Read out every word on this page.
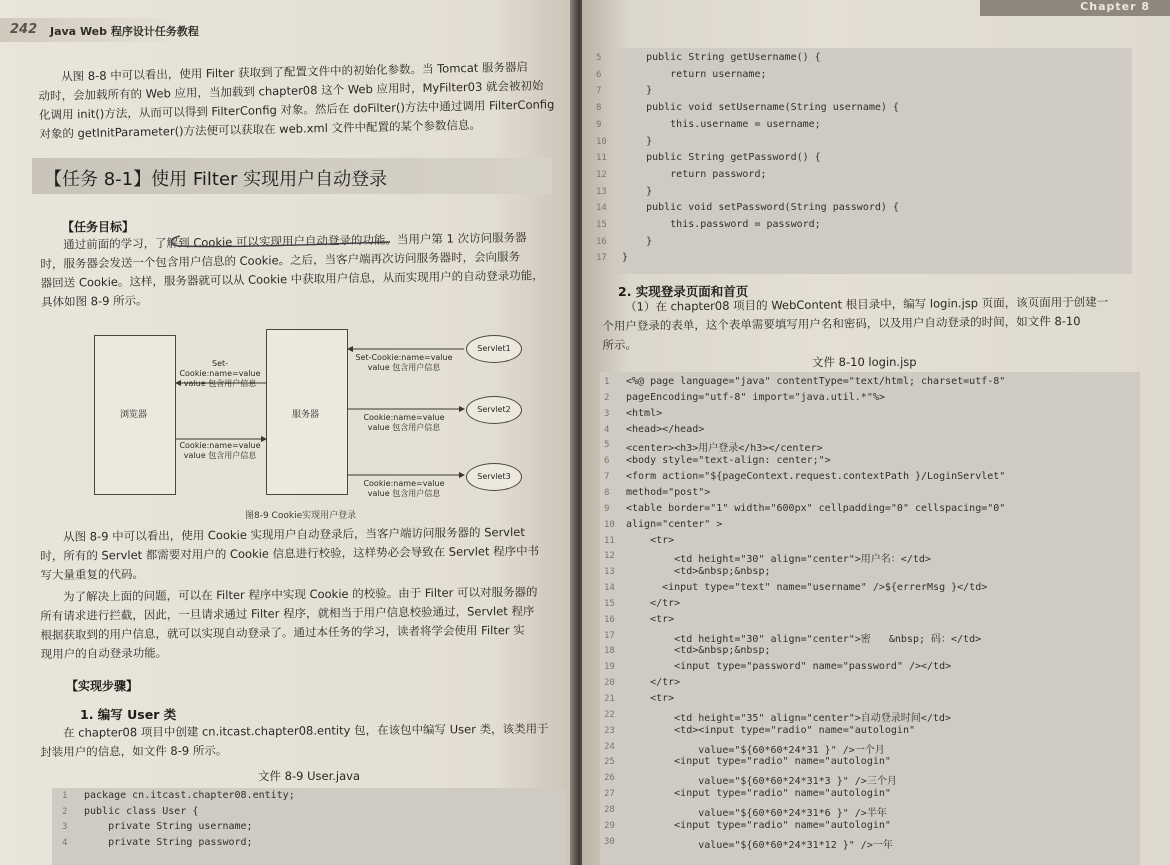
242 Java Web 程序设计任务教程
从图 8-8 中可以看出，使用 Filter 获取到了配置文件中的初始化参数。当 Tomcat 服务器启
动时，会加载所有的 Web 应用，当加载到 chapter08 这个 Web 应用时，MyFilter03 就会被初始
化调用 init()方法，从而可以得到 FilterConfig 对象。然后在 doFilter()方法中通过调用 FilterConfig
对象的 getInitParameter()方法便可以获取在 web.xml 文件中配置的某个参数信息。
【任务 8-1】使用 Filter 实现用户自动登录
【任务目标】
通过前面的学习，了解到 Cookie 可以实现用户自动登录的功能。当用户第 1 次访问服务器
时，服务器会发送一个包含用户信息的 Cookie。之后，当客户端再次访问服务器时，会向服务
器回送 Cookie。这样，服务器就可以从 Cookie 中获取用户信息，从而实现用户的自动登录功能，
具体如图 8-9 所示。
浏览器	服务器
Set-Cookie:name=value
value 包含用户信息
Cookie:name=value
value 包含用户信息
Set-Cookie:name=value
value 包含用户信息
Cookie:name=value
value 包含用户信息
Cookie:name=value
value 包含用户信息
Servlet1
Servlet2
Servlet3
图8-9 Cookie实现用户登录
从图 8-9 中可以看出，使用 Cookie 实现用户自动登录后，当客户端访问服务器的 Servlet
时，所有的 Servlet 都需要对用户的 Cookie 信息进行校验，这样势必会导致在 Servlet 程序中书
写大量重复的代码。
为了解决上面的问题，可以在 Filter 程序中实现 Cookie 的校验。由于 Filter 可以对服务器的
所有请求进行拦截，因此，一旦请求通过 Filter 程序，就相当于用户信息校验通过，Servlet 程序
根据获取到的用户信息，就可以实现自动登录了。通过本任务的学习，读者将学会使用 Filter 实
现用户的自动登录功能。
【实现步骤】
1. 编写 User 类
在 chapter08 项目中创建 cn.itcast.chapter08.entity 包，在该包中编写 User 类，该类用于
封装用户的信息，如文件 8-9 所示。
文件 8-9 User.java
1 package cn.itcast.chapter08.entity;
2 public class User {
3 private String username;
4 private String password;
Chapter 8
2. 实现登录页面和首页
（1）在 chapter08 项目的 WebContent 根目录中，编写 login.jsp 页面，该页面用于创建一
个用户登录的表单，这个表单需要填写用户名和密码，以及用户自动登录的时间，如文件 8-10
所示。
文件 8-10 login.jsp
5 public String getUsername() {
6 return username;
7 }
8 public void setUsername(String username) {
9 this.username = username;
10 }
11 public String getPassword() {
12 return password;
13 }
14 public void setPassword(String password) {
15 this.password = password;
16 }
17 }
1 <%@ page language="java" contentType="text/html; charset=utf-8"
2 pageEncoding="utf-8" import="java.util.*"%>
3 <html>
4 <head></head>
5 <center><h3>用户登录</h3></center>
6 <body style="text-align: center;">
7 <form action="${pageContext.request.contextPath }/LoginServlet"
8 method="post">
9 <table border="1" width="600px" cellpadding="0" cellspacing="0"
10 align="center" >
11 <tr>
12 <td height="30" align="center">用户名：</td>
13 <td>&nbsp;&nbsp;
14 <input type="text" name="username" />${errerMsg }</td>
15 </tr>
16 <tr>
17 <td height="30" align="center">密   &nbsp; 码：</td>
18 <td>&nbsp;&nbsp;
19 <input type="password" name="password" /></td>
20 </tr>
21 <tr>
22 <td height="35" align="center">自动登录时间</td>
23 <td><input type="radio" name="autologin"
24 value="${60*60*24*31 }" />一个月
25 <input type="radio" name="autologin"
26 value="${60*60*24*31*3 }" />三个月
27 <input type="radio" name="autologin"
28 value="${60*60*24*31*6 }" />半年
29 <input type="radio" name="autologin"
30 value="${60*60*24*31*12 }" />一年
